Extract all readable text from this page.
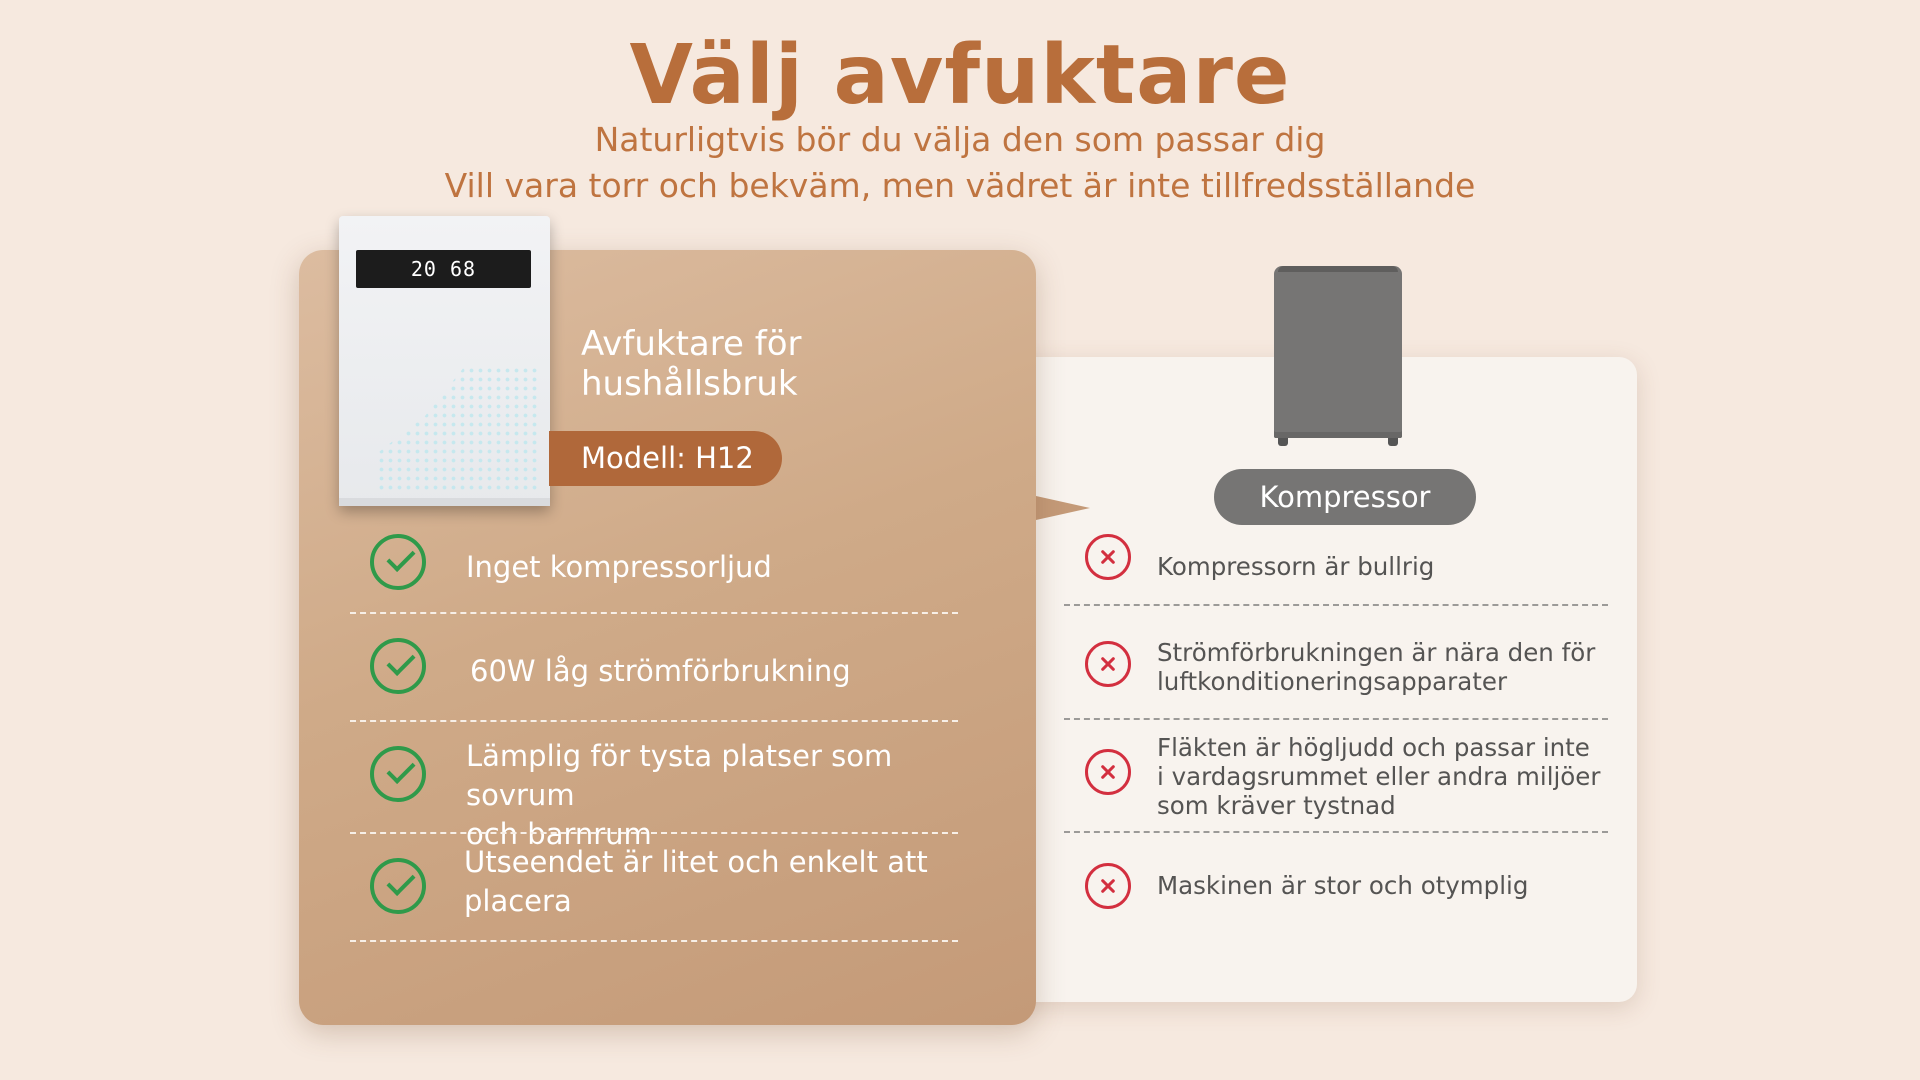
Välj avfuktare
Naturligtvis bör du välja den som passar dig
Vill vara torr och bekväm, men vädret är inte tillfredsställande
Kompressor
Kompressorn är bullrig
Strömförbrukningen är nära den för
luftkonditioneringsapparater
Fläkten är högljudd och passar inte
i vardagsrummet eller andra miljöer
som kräver tystnad
Maskinen är stor och otymplig
20 68
Avfuktare för
hushållsbruk
Modell: H12
Inget kompressorljud
60W låg strömförbrukning
Lämplig för tysta platser som sovrum
och barnrum
Utseendet är litet och enkelt att
placera
